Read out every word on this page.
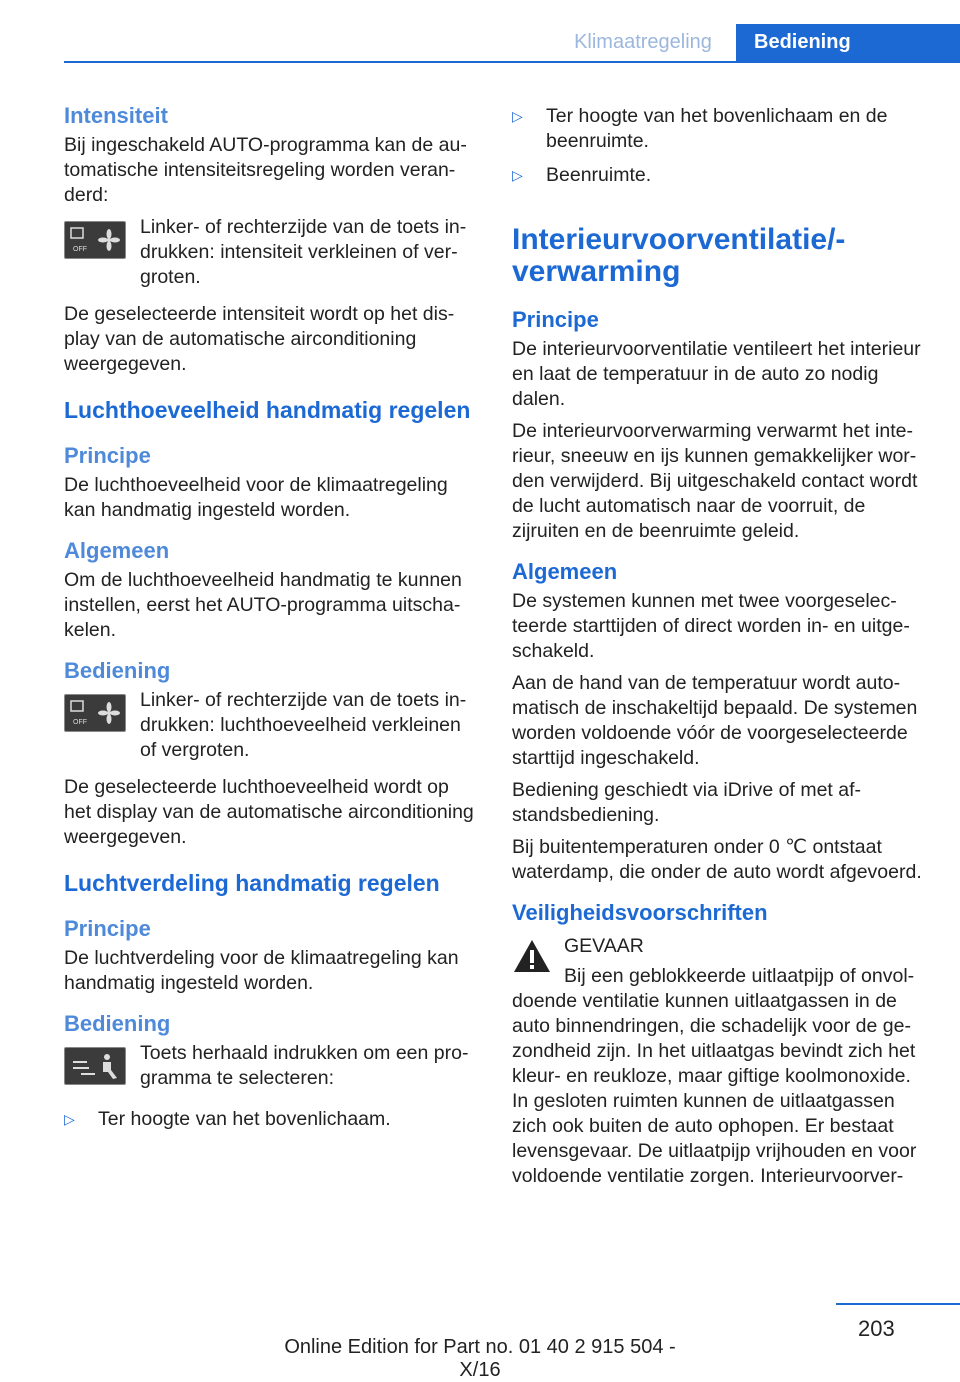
Klimaatregeling	Bediening
Intensiteit

Bij ingeschakeld AUTO-programma kan de automatische intensiteitsregeling worden veranderd:

OFF
Linker- of rechterzijde van de toets indrukken: intensiteit verkleinen of vergroten.

De geselecteerde intensiteit wordt op het display van de automatische airconditioning weergegeven.

Luchthoeveelheid handmatig regelen
Principe

De luchthoeveelheid voor de klimaatregeling kan handmatig ingesteld worden.

Algemeen

Om de luchthoeveelheid handmatig te kunnen instellen, eerst het AUTO-programma uitschakelen.

Bediening
OFF
Linker- of rechterzijde van de toets indrukken: luchthoeveelheid verkleinen of vergroten.

De geselecteerde luchthoeveelheid wordt op het display van de automatische airconditioning weergegeven.

Luchtverdeling handmatig regelen
Principe

De luchtverdeling voor de klimaatregeling kan handmatig ingesteld worden.

Bediening
Toets herhaald indrukken om een programma te selecteren:
▷	Ter hoogte van het bovenlichaam.
▷	Ter hoogte van het bovenlichaam en de beenruimte.
▷	Beenruimte.
Interieurvoorventilatie/-verwarming
Principe

De interieurvoorventilatie ventileert het interieur en laat de temperatuur in de auto zo nodig dalen.

De interieurvoorverwarming verwarmt het interieur, sneeuw en ijs kunnen gemakkelijker worden verwijderd. Bij uitgeschakeld contact wordt de lucht automatisch naar de voorruit, de zijruiten en de beenruimte geleid.

Algemeen

De systemen kunnen met twee voorgeselecteerde starttijden of direct worden in- en uitgeschakeld.

Aan de hand van de temperatuur wordt automatisch de inschakeltijd bepaald. De systemen worden voldoende vóór de voorgeselecteerde starttijd ingeschakeld.

Bediening geschiedt via iDrive of met afstandsbediening.

Bij buitentemperaturen onder 0 ℃ ontstaat waterdamp, die onder de auto wordt afgevoerd.

Veiligheidsvoorschriften
GEVAAR

Bij een geblokkeerde uitlaatpijp of onvoldoende ventilatie kunnen uitlaatgassen in de auto binnendringen, die schadelijk voor de gezondheid zijn. In het uitlaatgas bevindt zich het kleur- en reukloze, maar giftige koolmonoxide. In gesloten ruimten kunnen de uitlaatgassen zich ook buiten de auto ophopen. Er bestaat levensgevaar. De uitlaatpijp vrijhouden en voor voldoende ventilatie zorgen. Interieurvoorver-

203
Online Edition for Part no. 01 40 2 915 504 - X/16
